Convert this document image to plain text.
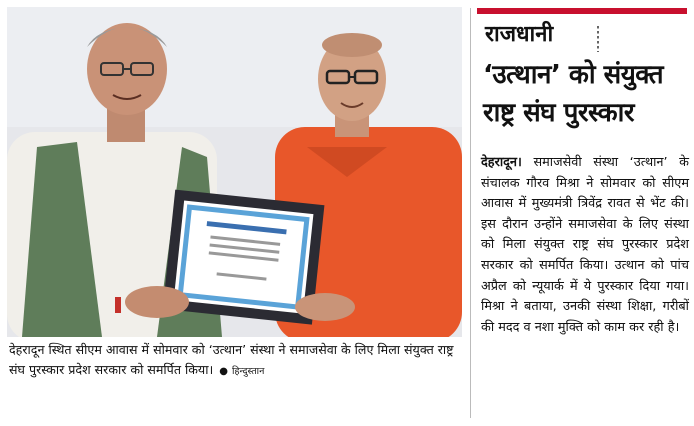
देहरादून स्थित सीएम आवास में सोमवार को ‘उत्थान’ संस्था ने समाजसेवा के लिए मिला संयुक्त राष्ट्र संघ पुरस्कार प्रदेश सरकार को समर्पित किया। ● हिन्दुस्तान
राजधानी
‘उत्थान’ को संयुक्त राष्ट्र संघ पुरस्कार
देहरादून। समाजसेवी संस्था ‘उत्थान’ के संचालक गौरव मिश्रा ने सोमवार को सीएम आवास में मुख्यमंत्री त्रिवेंद्र रावत से भेंट की। इस दौरान उन्होंने समाजसेवा के लिए संस्था को मिला संयुक्त राष्ट्र संघ पुरस्कार प्रदेश सरकार को समर्पित किया। उत्थान को पांच अप्रैल को न्यूयार्क में ये पुरस्कार दिया गया। मिश्रा ने बताया, उनकी संस्था शिक्षा, गरीबों की मदद व नशा मुक्ति को काम कर रही है।
